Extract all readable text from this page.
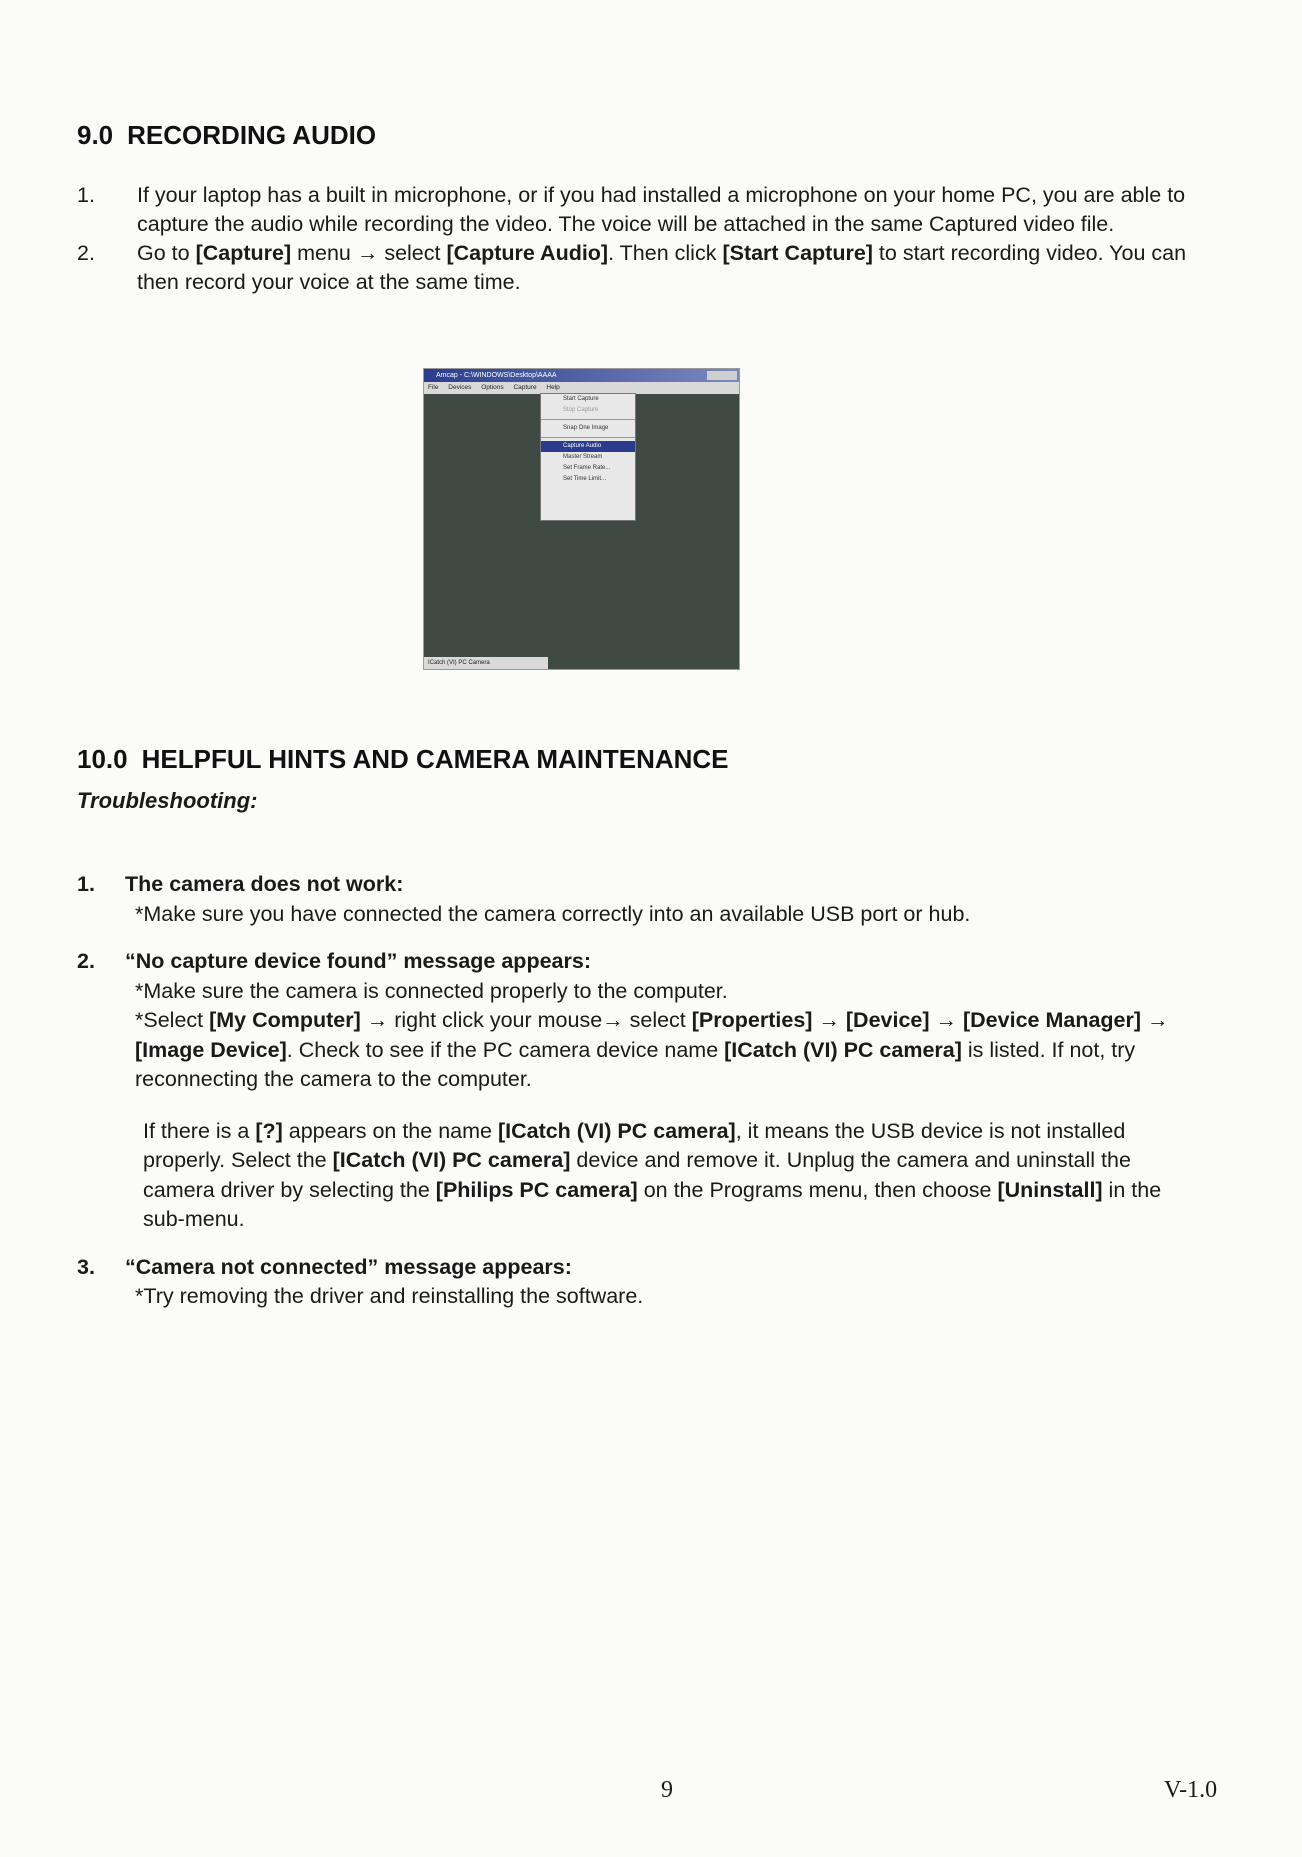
9.0 RECORDING AUDIO
1. If your laptop has a built in microphone, or if you had installed a microphone on your home PC, you are able to capture the audio while recording the video. The voice will be attached in the same Captured video file.
2. Go to [Capture] menu → select [Capture Audio]. Then click [Start Capture] to start recording video. You can then record your voice at the same time.
Amcap - C:\WINDOWS\Desktop\AAAA
File Devices Options Capture Help
Start Capture
Stop Capture
Snap One Image
Capture Audio
Master Stream
Set Frame Rate...
Set Time Limit...
ICatch (VI) PC Camera
10.0 HELPFUL HINTS AND CAMERA MAINTENANCE
Troubleshooting:
1. The camera does not work:
*Make sure you have connected the camera correctly into an available USB port or hub.
2. “No capture device found” message appears:
*Make sure the camera is connected properly to the computer.
*Select [My Computer] → right click your mouse→ select [Properties] → [Device] → [Device Manager] → [Image Device]. Check to see if the PC camera device name [ICatch (VI) PC camera] is listed. If not, try reconnecting the camera to the computer.
If there is a [?] appears on the name [ICatch (VI) PC camera], it means the USB device is not installed properly. Select the [ICatch (VI) PC camera] device and remove it. Unplug the camera and uninstall the camera driver by selecting the [Philips PC camera] on the Programs menu, then choose [Uninstall] in the sub-menu.
3. “Camera not connected” message appears:
*Try removing the driver and reinstalling the software.
9	V-1.0
